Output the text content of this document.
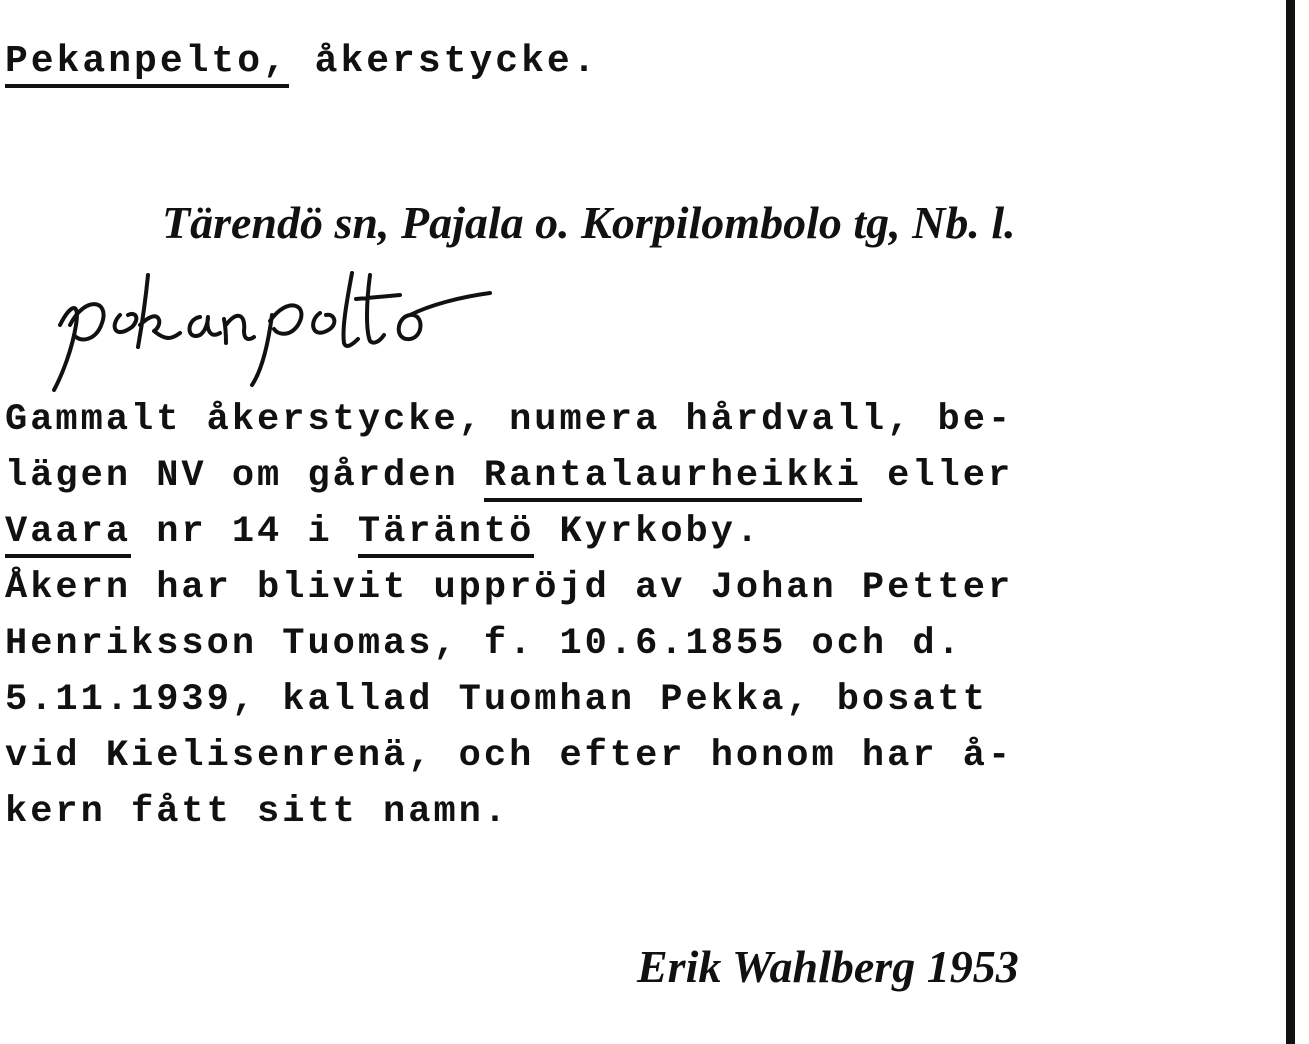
Pekanpelto, åkerstycke.
Tärendö sn, Pajala o. Korpilombolo tg, Nb. l.
Gammalt åkerstycke, numera hårdvall, be-
lägen NV om gården Rantalaurheikki eller
Vaara nr 14 i Täräntö Kyrkoby.
Åkern har blivit uppröjd av Johan Petter
Henriksson Tuomas, f. 10.6.1855 och d.
5.11.1939, kallad Tuomhan Pekka, bosatt
vid Kielisenrenä, och efter honom har å-
kern fått sitt namn.
Erik Wahlberg 1953
